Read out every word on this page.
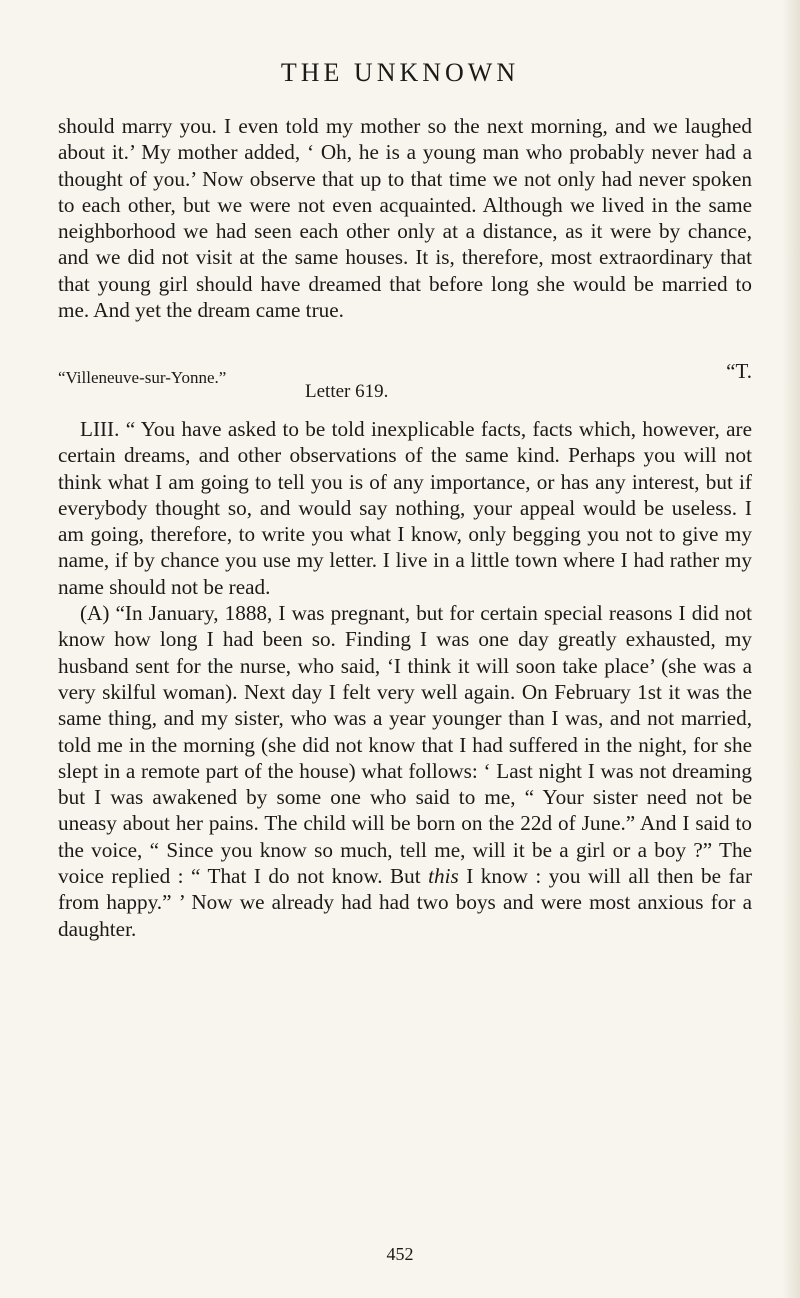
THE UNKNOWN

should marry you. I even told my mother so the next morning, and we laughed about it.’ My mother added, ‘ Oh, he is a young man who probably never had a thought of you.’ Now observe that up to that time we not only had never spoken to each other, but we were not even acquainted. Although we lived in the same neighborhood we had seen each other only at a distance, as it were by chance, and we did not visit at the same houses. It is, therefore, most extraordinary that that young girl should have dreamed that before long she would be married to me. And yet the dream came true.

“Villeneuve-sur-Yonne.”
Letter 619.
“T.

LIII. “ You have asked to be told inexplicable facts, facts which, however, are certain dreams, and other observations of the same kind. Perhaps you will not think what I am going to tell you is of any importance, or has any interest, but if everybody thought so, and would say nothing, your appeal would be useless. I am going, therefore, to write you what I know, only begging you not to give my name, if by chance you use my letter. I live in a little town where I had rather my name should not be read.

(A) “In January, 1888, I was pregnant, but for certain special reasons I did not know how long I had been so. Finding I was one day greatly exhausted, my husband sent for the nurse, who said, ‘I think it will soon take place’ (she was a very skilful woman). Next day I felt very well again. On February 1st it was the same thing, and my sister, who was a year younger than I was, and not married, told me in the morning (she did not know that I had suffered in the night, for she slept in a remote part of the house) what follows: ‘ Last night I was not dreaming but I was awakened by some one who said to me, “ Your sister need not be uneasy about her pains. The child will be born on the 22d of June.” And I said to the voice, “ Since you know so much, tell me, will it be a girl or a boy ?” The voice replied : “ That I do not know. But this I know : you will all then be far from happy.” ’ Now we already had had two boys and were most anxious for a daughter.

452
